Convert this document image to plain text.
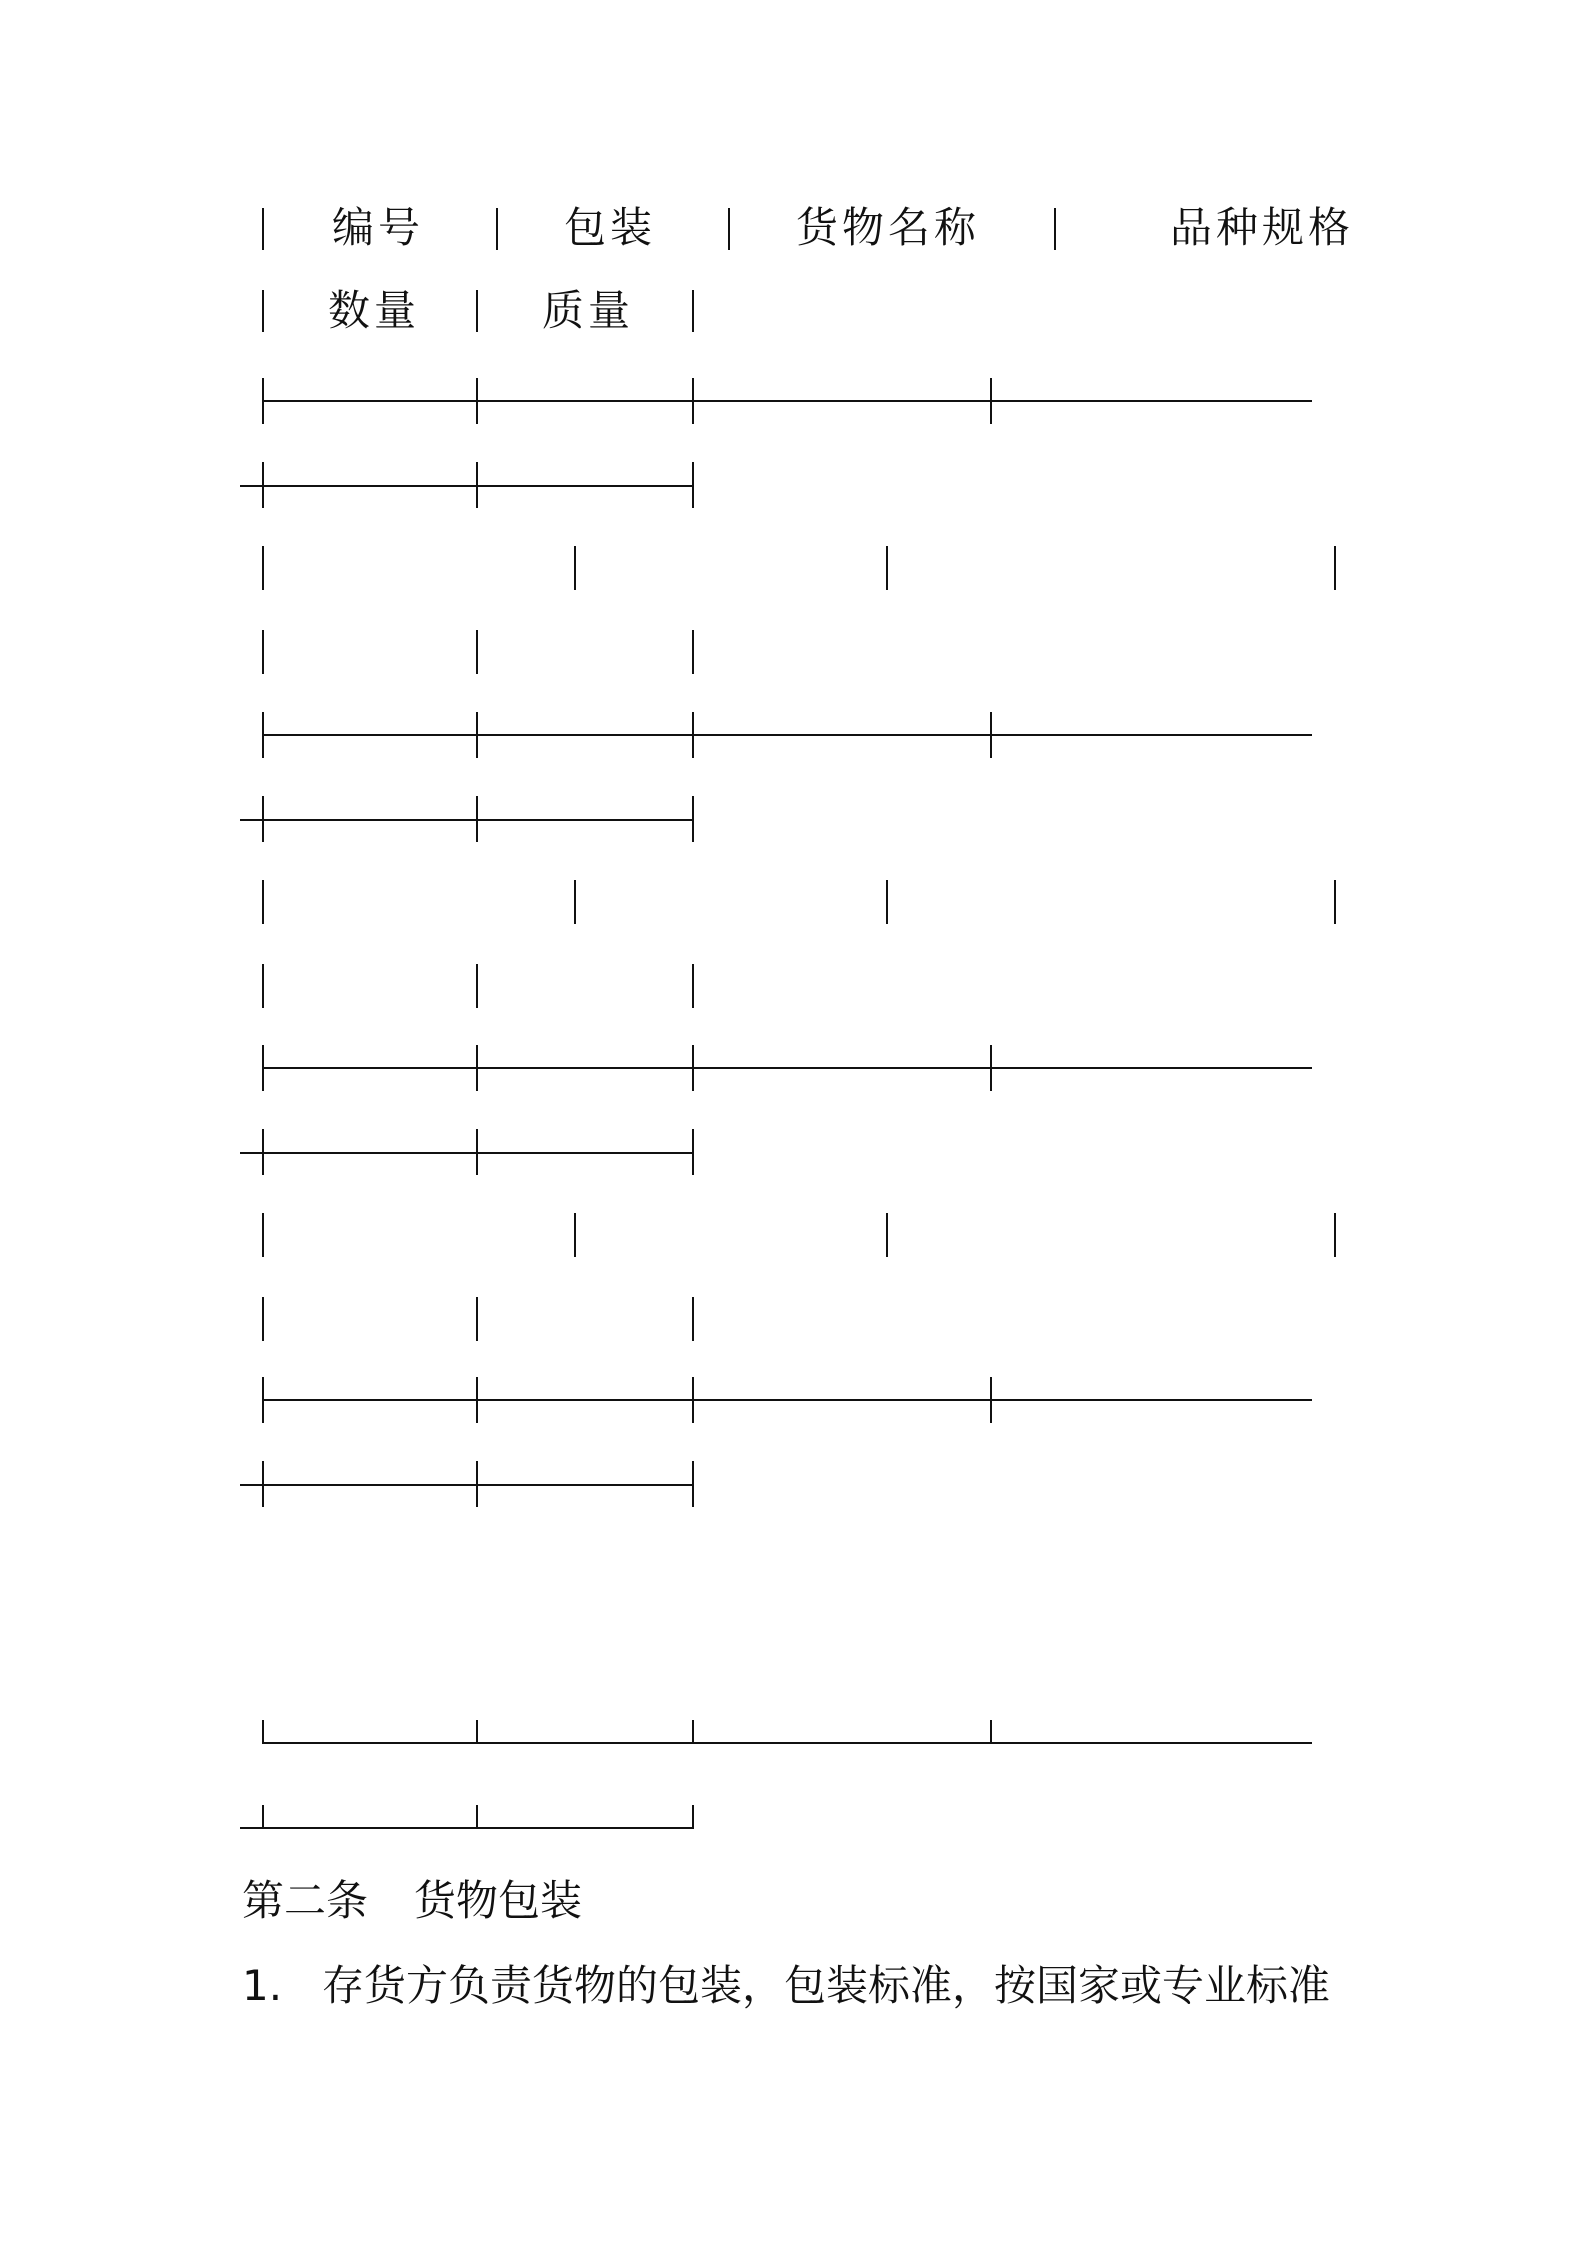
编号	包装	货物名称	品种规格
数量	质量
第二条 货物包装
1. 存货方负责货物的包装，包装标准，按国家或专业标准
